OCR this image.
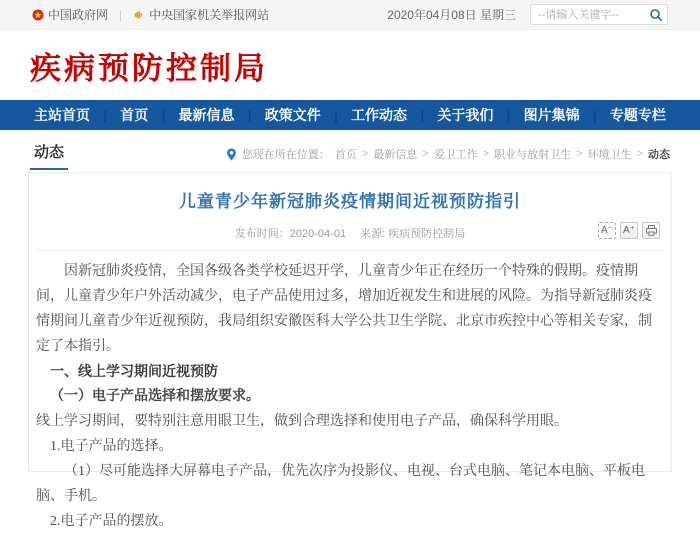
中国政府网 | 中央国家机关举报网站	2020年04月08日 星期三
--请输入关键字--
疾病预防控制局
主站首页 | 首页 | 最新信息 | 政策文件 | 工作动态 | 关于我们 | 图片集锦 | 专题专栏
动态	您现在所在位置： 首页 > 最新信息 > 爱卫工作 > 职业与放射卫生 > 环境卫生 > 动态
儿童青少年新冠肺炎疫情期间近视预防指引
发布时间：2020-04-01 来源: 疾病预防控制局	A⁻	A⁺

因新冠肺炎疫情，全国各级各类学校延迟开学，儿童青少年正在经历一个特殊的假期。疫情期间，儿童青少年户外活动减少，电子产品使用过多，增加近视发生和进展的风险。为指导新冠肺炎疫情期间儿童青少年近视预防，我局组织安徽医科大学公共卫生学院、北京市疾控中心等相关专家，制定了本指引。

一、线上学习期间近视预防

（一）电子产品选择和摆放要求。

线上学习期间，要特别注意用眼卫生，做到合理选择和使用电子产品，确保科学用眼。

1.电子产品的选择。

（1）尽可能选择大屏幕电子产品，优先次序为投影仪、电视、台式电脑、笔记本电脑、平板电脑、手机。

2.电子产品的摆放。
